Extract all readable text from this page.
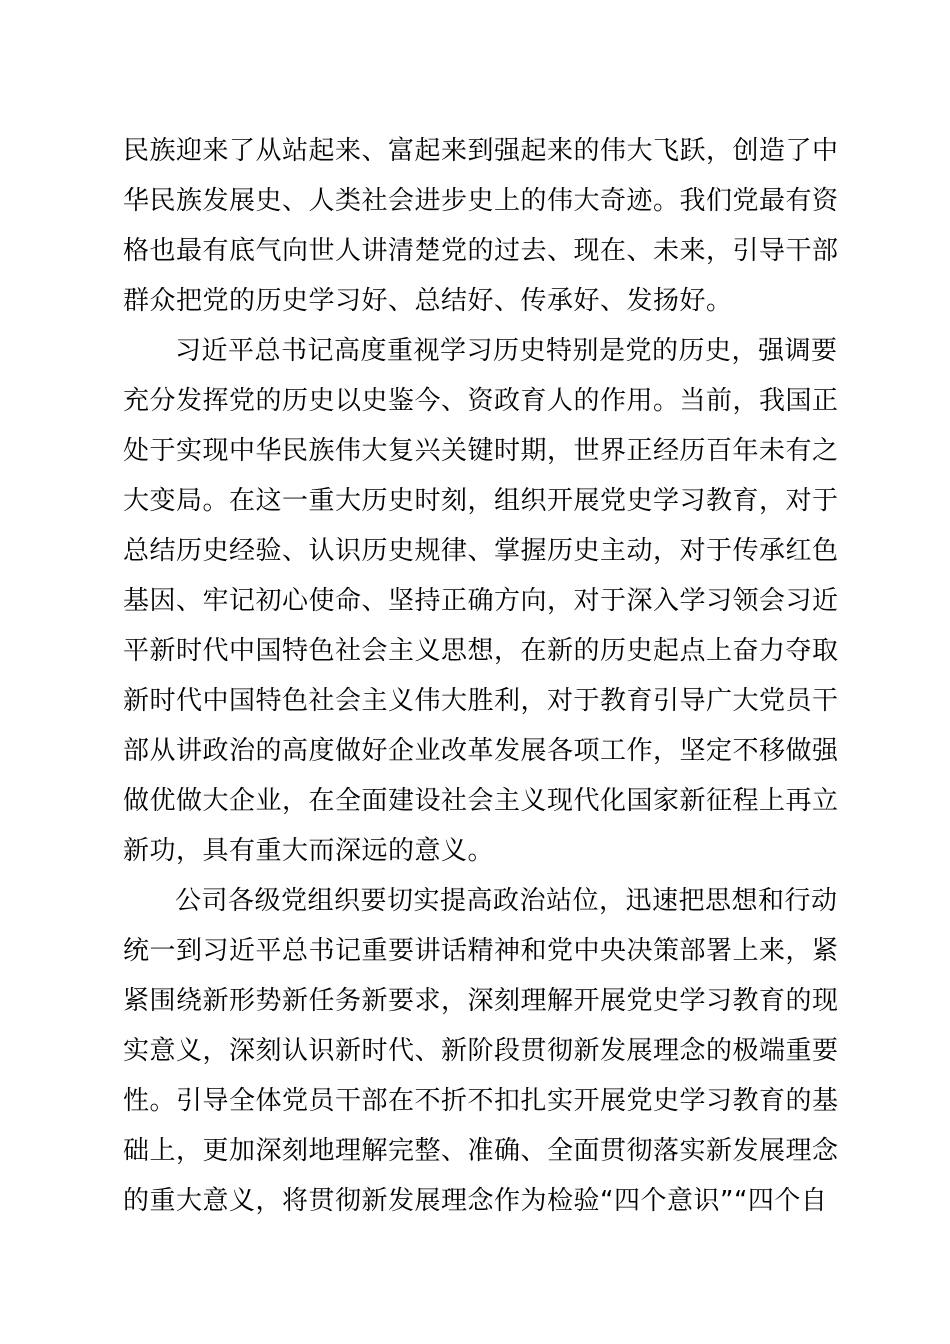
民族迎来了从站起来、富起来到强起来的伟大飞跃，创造了中
华民族发展史、人类社会进步史上的伟大奇迹。我们党最有资
格也最有底气向世人讲清楚党的过去、现在、未来，引导干部
群众把党的历史学习好、总结好、传承好、发扬好。
习近平总书记高度重视学习历史特别是党的历史，强调要
充分发挥党的历史以史鉴今、资政育人的作用。当前，我国正
处于实现中华民族伟大复兴关键时期，世界正经历百年未有之
大变局。在这一重大历史时刻，组织开展党史学习教育，对于
总结历史经验、认识历史规律、掌握历史主动，对于传承红色
基因、牢记初心使命、坚持正确方向，对于深入学习领会习近
平新时代中国特色社会主义思想，在新的历史起点上奋力夺取
新时代中国特色社会主义伟大胜利，对于教育引导广大党员干
部从讲政治的高度做好企业改革发展各项工作，坚定不移做强
做优做大企业，在全面建设社会主义现代化国家新征程上再立
新功，具有重大而深远的意义。
公司各级党组织要切实提高政治站位，迅速把思想和行动
统一到习近平总书记重要讲话精神和党中央决策部署上来，紧
紧围绕新形势新任务新要求，深刻理解开展党史学习教育的现
实意义，深刻认识新时代、新阶段贯彻新发展理念的极端重要
性。引导全体党员干部在不折不扣扎实开展党史学习教育的基
础上，更加深刻地理解完整、准确、全面贯彻落实新发展理念
的重大意义，将贯彻新发展理念作为检验“四个意识”“四个自
